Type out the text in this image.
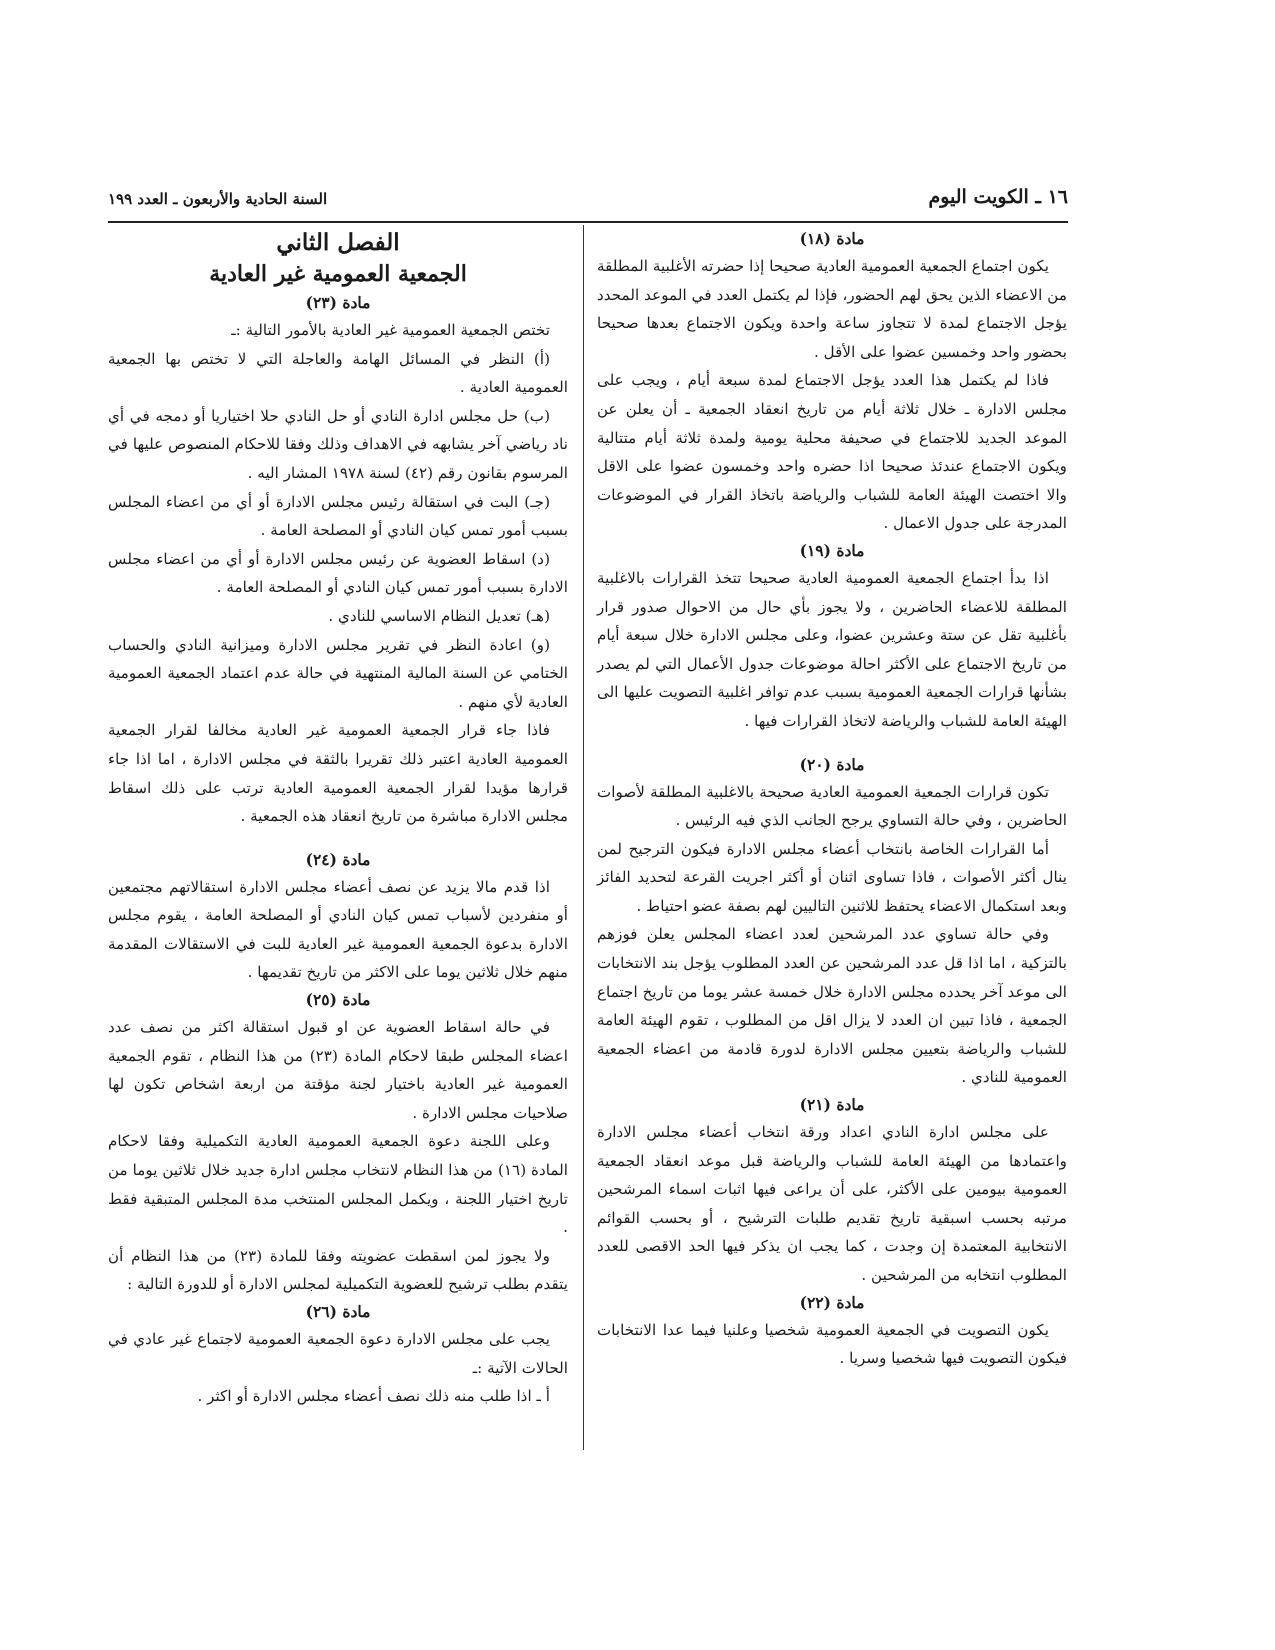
١٦ ـ الكويت اليوم
السنة الحادية والأربعون ـ العدد ١٩٩
مادة (١٨)

يكون اجتماع الجمعية العمومية العادية صحيحا إذا حضرته الأغلبية المطلقة من الاعضاء الذين يحق لهم الحضور، فإذا لم يكتمل العدد في الموعد المحدد يؤجل الاجتماع لمدة لا تتجاوز ساعة واحدة ويكون الاجتماع بعدها صحيحا بحضور واحد وخمسين عضوا على الأقل .

فاذا لم يكتمل هذا العدد يؤجل الاجتماع لمدة سبعة أيام ، ويجب على مجلس الادارة ـ خلال ثلاثة أيام من تاريخ انعقاد الجمعية ـ أن يعلن عن الموعد الجديد للاجتماع في صحيفة محلية يومية ولمدة ثلاثة أيام متتالية ويكون الاجتماع عندئذ صحيحا اذا حضره واحد وخمسون عضوا على الاقل والا اختصت الهيئة العامة للشباب والرياضة باتخاذ القرار في الموضوعات المدرجة على جدول الاعمال .

مادة (١٩)

اذا بدأ اجتماع الجمعية العمومية العادية صحيحا تتخذ القرارات بالاغلبية المطلقة للاعضاء الحاضرين ، ولا يجوز بأي حال من الاحوال صدور قرار بأغلبية تقل عن ستة وعشرين عضوا، وعلى مجلس الادارة خلال سبعة أيام من تاريخ الاجتماع على الأكثر احالة موضوعات جدول الأعمال التي لم يصدر بشأنها قرارات الجمعية العمومية بسبب عدم توافر اغلبية التصويت عليها الى الهيئة العامة للشباب والرياضة لاتخاذ القرارات فيها .

مادة (٢٠)

تكون قرارات الجمعية العمومية العادية صحيحة بالاغلبية المطلقة لأصوات الحاضرين ، وفي حالة التساوي يرجح الجانب الذي فيه الرئيس .

أما القرارات الخاصة بانتخاب أعضاء مجلس الادارة فيكون الترجيح لمن ينال أكثر الأصوات ، فاذا تساوى اثنان أو أكثر اجريت القرعة لتحديد الفائز وبعد استكمال الاعضاء يحتفظ للاثنين التاليين لهم بصفة عضو احتياط .

وفي حالة تساوي عدد المرشحين لعدد اعضاء المجلس يعلن فوزهم بالتزكية ، اما اذا قل عدد المرشحين عن العدد المطلوب يؤجل بند الانتخابات الى موعد آخر يحدده مجلس الادارة خلال خمسة عشر يوما من تاريخ اجتماع الجمعية ، فاذا تبين ان العدد لا يزال اقل من المطلوب ، تقوم الهيئة العامة للشباب والرياضة بتعيين مجلس الادارة لدورة قادمة من اعضاء الجمعية العمومية للنادي .

مادة (٢١)

على مجلس ادارة النادي اعداد ورقة انتخاب أعضاء مجلس الادارة واعتمادها من الهيئة العامة للشباب والرياضة قبل موعد انعقاد الجمعية العمومية بيومين على الأكثر، على أن يراعى فيها اثبات اسماء المرشحين مرتبه بحسب اسبقية تاريخ تقديم طلبات الترشيح ، أو بحسب القوائم الانتخابية المعتمدة إن وجدت ، كما يجب ان يذكر فيها الحد الاقصى للعدد المطلوب انتخابه من المرشحين .

مادة (٢٢)

يكون التصويت في الجمعية العمومية شخصيا وعلنيا فيما عدا الانتخابات فيكون التصويت فيها شخصيا وسريا .

الفصل الثاني
الجمعية العمومية غير العادية
مادة (٢٣)

تختص الجمعية العمومية غير العادية بالأمور التالية :ـ

(أ) النظر في المسائل الهامة والعاجلة التي لا تختص بها الجمعية العمومية العادية .

(ب) حل مجلس ادارة النادي أو حل النادي حلا اختياريا أو دمجه في أي ناد رياضي آخر يشابهه في الاهداف وذلك وفقا للاحكام المنصوص عليها في المرسوم بقانون رقم (٤٢) لسنة ١٩٧٨ المشار اليه .

(جـ) البت في استقالة رئيس مجلس الادارة أو أي من اعضاء المجلس بسبب أمور تمس كيان النادي أو المصلحة العامة .

(د) اسقاط العضوية عن رئيس مجلس الادارة أو أي من اعضاء مجلس الادارة بسبب أمور تمس كيان النادي أو المصلحة العامة .

(هـ) تعديل النظام الاساسي للنادي .

(و) اعادة النظر في تقرير مجلس الادارة وميزانية النادي والحساب الختامي عن السنة المالية المنتهية في حالة عدم اعتماد الجمعية العمومية العادية لأي منهم .

فاذا جاء قرار الجمعية العمومية غير العادية مخالفا لقرار الجمعية العمومية العادية اعتبر ذلك تقريرا بالثقة في مجلس الادارة ، اما اذا جاء قرارها مؤيدا لقرار الجمعية العمومية العادية ترتب على ذلك اسقاط مجلس الادارة مباشرة من تاريخ انعقاد هذه الجمعية .

مادة (٢٤)

اذا قدم مالا يزيد عن نصف أعضاء مجلس الادارة استقالاتهم مجتمعين أو منفردين لأسباب تمس كيان النادي أو المصلحة العامة ، يقوم مجلس الادارة بدعوة الجمعية العمومية غير العادية للبت في الاستقالات المقدمة منهم خلال ثلاثين يوما على الاكثر من تاريخ تقديمها .

مادة (٢٥)

في حالة اسقاط العضوية عن او قبول استقالة اكثر من نصف عدد اعضاء المجلس طبقا لاحكام المادة (٢٣) من هذا النظام ، تقوم الجمعية العمومية غير العادية باختيار لجنة مؤقتة من اربعة اشخاص تكون لها صلاحيات مجلس الادارة .

وعلى اللجنة دعوة الجمعية العمومية العادية التكميلية وفقا لاحكام المادة (١٦) من هذا النظام لانتخاب مجلس ادارة جديد خلال ثلاثين يوما من تاريخ اختيار اللجنة ، ويكمل المجلس المنتخب مدة المجلس المتبقية فقط .

ولا يجوز لمن اسقطت عضويته وفقا للمادة (٢٣) من هذا النظام أن يتقدم بطلب ترشيح للعضوية التكميلية لمجلس الادارة أو للدورة التالية :

مادة (٢٦)

يجب على مجلس الادارة دعوة الجمعية العمومية لاجتماع غير عادي في الحالات الآتية :ـ

أ ـ اذا طلب منه ذلك نصف أعضاء مجلس الادارة أو اكثر .
